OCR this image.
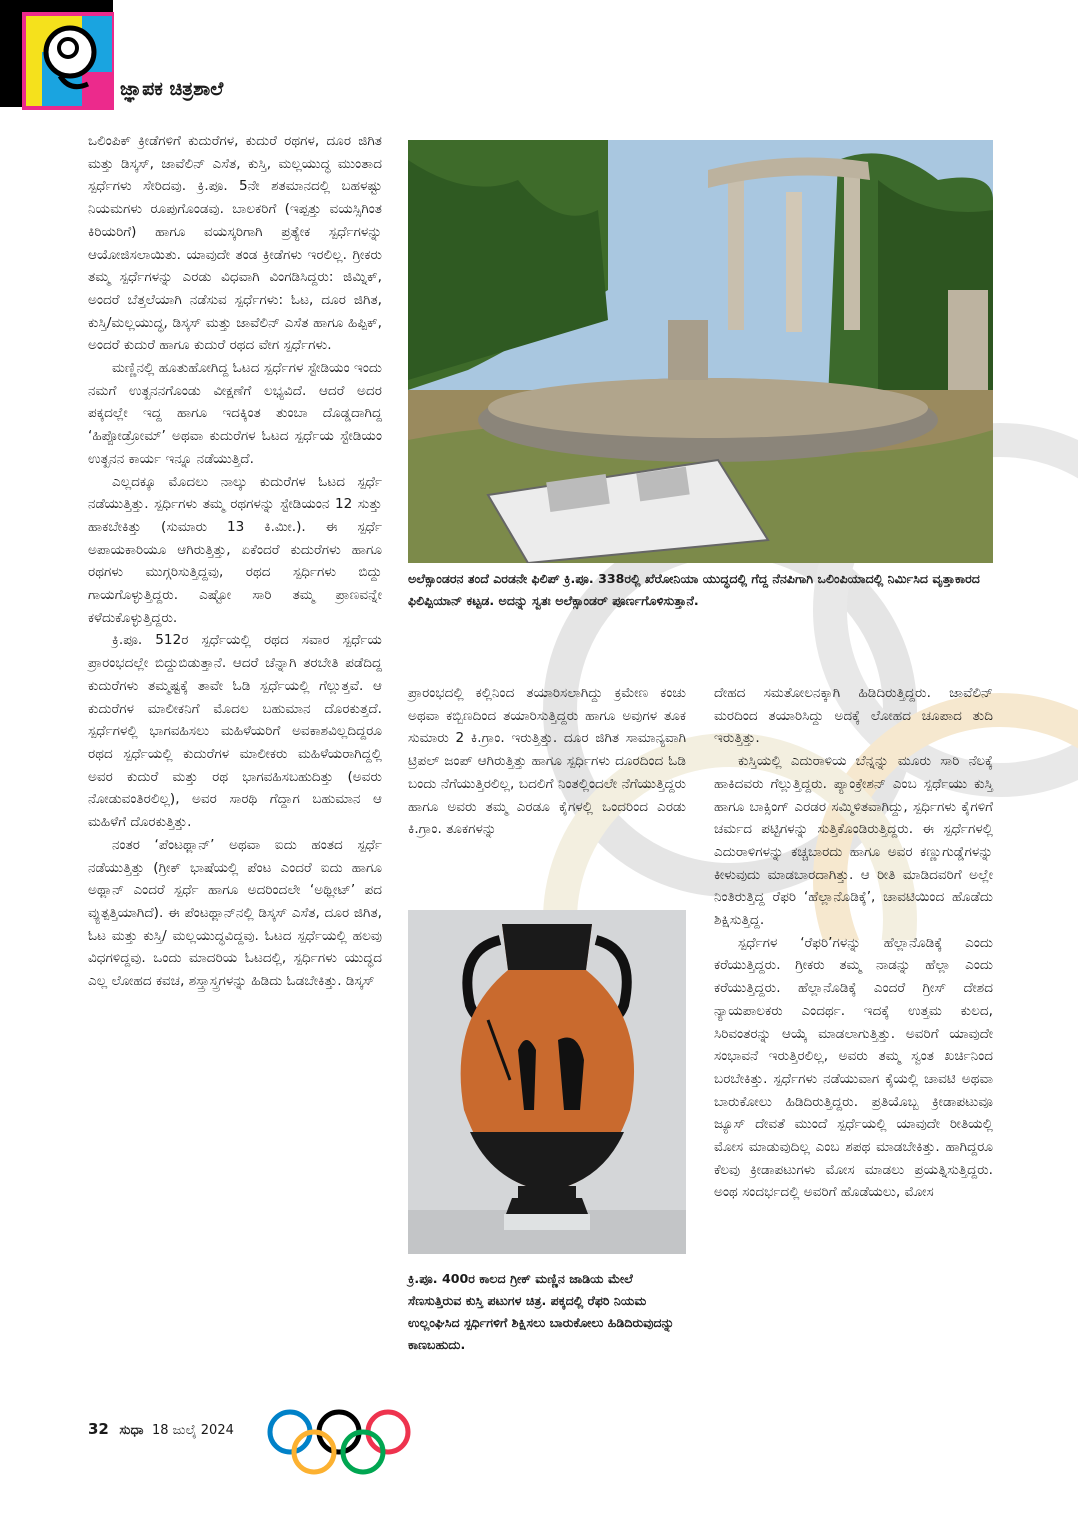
ಜ್ಞಾಪಕ ಚಿತ್ರಶಾಲೆ

ಒಲಿಂಪಿಕ್ ಕ್ರೀಡೆಗಳಿಗೆ ಕುದುರೆಗಳ, ಕುದುರೆ ರಥಗಳ, ದೂರ ಜಿಗಿತ ಮತ್ತು ಡಿಸ್ಕಸ್, ಜಾವೆಲಿನ್ ಎಸೆತ, ಕುಸ್ತಿ, ಮಲ್ಲಯುದ್ಧ ಮುಂತಾದ ಸ್ಪರ್ಧೆಗಳು ಸೇರಿದವು. ಕ್ರಿ.ಪೂ. 5ನೇ ಶತಮಾನದಲ್ಲಿ ಬಹಳಷ್ಟು ನಿಯಮಗಳು ರೂಪುಗೊಂಡವು. ಬಾಲಕರಿಗೆ (ಇಪ್ಪತ್ತು ವಯಸ್ಸಿಗಿಂತ ಕಿರಿಯರಿಗೆ) ಹಾಗೂ ವಯಸ್ಕರಿಗಾಗಿ ಪ್ರತ್ಯೇಕ ಸ್ಪರ್ಧೆಗಳನ್ನು ಆಯೋಜಿಸಲಾಯಿತು. ಯಾವುದೇ ತಂಡ ಕ್ರೀಡೆಗಳು ಇರಲಿಲ್ಲ. ಗ್ರೀಕರು ತಮ್ಮ ಸ್ಪರ್ಧೆಗಳನ್ನು ಎರಡು ವಿಧವಾಗಿ ವಿಂಗಡಿಸಿದ್ದರು: ಜಿಮ್ನಿಕ್, ಅಂದರೆ ಬೆತ್ತಲೆಯಾಗಿ ನಡೆಸುವ ಸ್ಪರ್ಧೆಗಳು: ಓಟ, ದೂರ ಜಿಗಿತ, ಕುಸ್ತಿ/ಮಲ್ಲಯುದ್ಧ, ಡಿಸ್ಕಸ್ ಮತ್ತು ಜಾವೆಲಿನ್ ಎಸೆತ ಹಾಗೂ ಹಿಪ್ಪಿಕ್, ಅಂದರೆ ಕುದುರೆ ಹಾಗೂ ಕುದುರೆ ರಥದ ವೇಗ ಸ್ಪರ್ಧೆಗಳು.

ಮಣ್ಣಿನಲ್ಲಿ ಹೂತುಹೋಗಿದ್ದ ಓಟದ ಸ್ಪರ್ಧೆಗಳ ಸ್ಟೇಡಿಯಂ ಇಂದು ನಮಗೆ ಉತ್ಖನನಗೊಂಡು ವೀಕ್ಷಣೆಗೆ ಲಭ್ಯವಿದೆ. ಆದರೆ ಅದರ ಪಕ್ಕದಲ್ಲೇ ಇದ್ದ ಹಾಗೂ ಇದಕ್ಕಿಂತ ತುಂಬಾ ದೊಡ್ಡದಾಗಿದ್ದ ‘ಹಿಪ್ಪೋಡ್ರೋಮ್’ ಅಥವಾ ಕುದುರೆಗಳ ಓಟದ ಸ್ಪರ್ಧೆಯ ಸ್ಟೇಡಿಯಂ ಉತ್ಖನನ ಕಾರ್ಯ ಇನ್ನೂ ನಡೆಯುತ್ತಿದೆ.

ಎಲ್ಲದಕ್ಕೂ ಮೊದಲು ನಾಲ್ಕು ಕುದುರೆಗಳ ಓಟದ ಸ್ಪರ್ಧೆ ನಡೆಯುತ್ತಿತ್ತು. ಸ್ಪರ್ಧಿಗಳು ತಮ್ಮ ರಥಗಳನ್ನು ಸ್ಟೇಡಿಯಂನ 12 ಸುತ್ತು ಹಾಕಬೇಕಿತ್ತು (ಸುಮಾರು 13 ಕಿ.ಮೀ.). ಈ ಸ್ಪರ್ಧೆ ಅಪಾಯಕಾರಿಯೂ ಆಗಿರುತ್ತಿತ್ತು, ಏಕೆಂದರೆ ಕುದುರೆಗಳು ಹಾಗೂ ರಥಗಳು ಮುಗ್ಗರಿಸುತ್ತಿದ್ದವು, ರಥದ ಸ್ಪರ್ಧಿಗಳು ಬಿದ್ದು ಗಾಯಗೊಳ್ಳುತ್ತಿದ್ದರು. ಎಷ್ಟೋ ಸಾರಿ ತಮ್ಮ ಪ್ರಾಣವನ್ನೇ ಕಳೆದುಕೊಳ್ಳುತ್ತಿದ್ದರು.

ಕ್ರಿ.ಪೂ. 512ರ ಸ್ಪರ್ಧೆಯಲ್ಲಿ ರಥದ ಸವಾರ ಸ್ಪರ್ಧೆಯ ಪ್ರಾರಂಭದಲ್ಲೇ ಬಿದ್ದುಬಿಡುತ್ತಾನೆ. ಆದರೆ ಚೆನ್ನಾಗಿ ತರಬೇತಿ ಪಡೆದಿದ್ದ ಕುದುರೆಗಳು ತಮ್ಮಷ್ಟಕ್ಕೆ ತಾವೇ ಓಡಿ ಸ್ಪರ್ಧೆಯಲ್ಲಿ ಗೆಲ್ಲುತ್ತವೆ. ಆ ಕುದುರೆಗಳ ಮಾಲೀಕನಿಗೆ ಮೊದಲ ಬಹುಮಾನ ದೊರಕುತ್ತದೆ. ಸ್ಪರ್ಧೆಗಳಲ್ಲಿ ಭಾಗವಹಿಸಲು ಮಹಿಳೆಯರಿಗೆ ಅವಕಾಶವಿಲ್ಲದಿದ್ದರೂ ರಥದ ಸ್ಪರ್ಧೆಯಲ್ಲಿ ಕುದುರೆಗಳ ಮಾಲೀಕರು ಮಹಿಳೆಯರಾಗಿದ್ದಲ್ಲಿ ಅವರ ಕುದುರೆ ಮತ್ತು ರಥ ಭಾಗವಹಿಸಬಹುದಿತ್ತು (ಅವರು ನೋಡುವಂತಿರಲಿಲ್ಲ), ಅವರ ಸಾರಥಿ ಗೆದ್ದಾಗ ಬಹುಮಾನ ಆ ಮಹಿಳೆಗೆ ದೊರಕುತ್ತಿತ್ತು.

ನಂತರ ‘ಪೆಂಟಥ್ಲಾನ್’ ಅಥವಾ ಐದು ಹಂತದ ಸ್ಪರ್ಧೆ ನಡೆಯುತ್ತಿತ್ತು (ಗ್ರೀಕ್ ಭಾಷೆಯಲ್ಲಿ ಪೆಂಟ ಎಂದರೆ ಐದು ಹಾಗೂ ಅಥ್ಲಾನ್ ಎಂದರೆ ಸ್ಪರ್ಧೆ ಹಾಗೂ ಅದರಿಂದಲೇ ‘ಅಥ್ಲೀಟ್’ ಪದ ವ್ಯುತ್ಪತ್ತಿಯಾಗಿದೆ). ಈ ಪೆಂಟಥ್ಲಾನ್‌ನಲ್ಲಿ ಡಿಸ್ಕಸ್ ಎಸೆತ, ದೂರ ಜಿಗಿತ, ಓಟ ಮತ್ತು ಕುಸ್ತಿ/ ಮಲ್ಲಯುದ್ಧವಿದ್ದವು. ಓಟದ ಸ್ಪರ್ಧೆಯಲ್ಲಿ ಹಲವು ವಿಧಗಳಿದ್ದವು. ಒಂದು ಮಾದರಿಯ ಓಟದಲ್ಲಿ, ಸ್ಪರ್ಧಿಗಳು ಯುದ್ಧದ ಎಲ್ಲ ಲೋಹದ ಕವಚ, ಶಸ್ತ್ರಾಸ್ತ್ರಗಳನ್ನು ಹಿಡಿದು ಓಡಬೇಕಿತ್ತು. ಡಿಸ್ಕಸ್

ಅಲೆಕ್ಸಾಂಡರನ ತಂದೆ ಎರಡನೇ ಫಿಲಿಪ್ ಕ್ರಿ.ಪೂ. 338ರಲ್ಲಿ ಖೆರೋನಿಯಾ ಯುದ್ಧದಲ್ಲಿ ಗೆದ್ದ ನೆನಪಿಗಾಗಿ ಒಲಿಂಪಿಯಾದಲ್ಲಿ ನಿರ್ಮಿಸಿದ ವೃತ್ತಾಕಾರದ ಫಿಲಿಪ್ಪಿಯಾನ್ ಕಟ್ಟಡ. ಅದನ್ನು ಸ್ವತಃ ಅಲೆಕ್ಸಾಂಡರ್ ಪೂರ್ಣಗೊಳಿಸುತ್ತಾನೆ.

ಪ್ರಾರಂಭದಲ್ಲಿ ಕಲ್ಲಿನಿಂದ ತಯಾರಿಸಲಾಗಿದ್ದು ಕ್ರಮೇಣ ಕಂಚು ಅಥವಾ ಕಬ್ಬಿಣದಿಂದ ತಯಾರಿಸುತ್ತಿದ್ದರು ಹಾಗೂ ಅವುಗಳ ತೂಕ ಸುಮಾರು 2 ಕಿ.ಗ್ರಾಂ. ಇರುತ್ತಿತ್ತು. ದೂರ ಜಿಗಿತ ಸಾಮಾನ್ಯವಾಗಿ ಟ್ರಿಪಲ್ ಜಂಪ್ ಆಗಿರುತ್ತಿತ್ತು ಹಾಗೂ ಸ್ಪರ್ಧಿಗಳು ದೂರದಿಂದ ಓಡಿ ಬಂದು ನೆಗೆಯುತ್ತಿರಲಿಲ್ಲ, ಬದಲಿಗೆ ನಿಂತಲ್ಲಿಂದಲೇ ನೆಗೆಯುತ್ತಿದ್ದರು ಹಾಗೂ ಅವರು ತಮ್ಮ ಎರಡೂ ಕೈಗಳಲ್ಲಿ ಒಂದರಿಂದ ಎರಡು ಕಿ.ಗ್ರಾಂ. ತೂಕಗಳನ್ನು

ಕ್ರಿ.ಪೂ. 400ರ ಕಾಲದ ಗ್ರೀಕ್ ಮಣ್ಣಿನ ಜಾಡಿಯ ಮೇಲೆ ಸೆಣಸುತ್ತಿರುವ ಕುಸ್ತಿ ಪಟುಗಳ ಚಿತ್ರ. ಪಕ್ಕದಲ್ಲಿ ರೆಫರಿ ನಿಯಮ ಉಲ್ಲಂಘಿಸಿದ ಸ್ಪರ್ಧಿಗಳಿಗೆ ಶಿಕ್ಷಿಸಲು ಬಾರುಕೋಲು ಹಿಡಿದಿರುವುದನ್ನು ಕಾಣಬಹುದು.

ದೇಹದ ಸಮತೋಲನಕ್ಕಾಗಿ ಹಿಡಿದಿರುತ್ತಿದ್ದರು. ಜಾವೆಲಿನ್ ಮರದಿಂದ ತಯಾರಿಸಿದ್ದು ಅದಕ್ಕೆ ಲೋಹದ ಚೂಪಾದ ತುದಿ ಇರುತ್ತಿತ್ತು.

ಕುಸ್ತಿಯಲ್ಲಿ ಎದುರಾಳಿಯ ಬೆನ್ನನ್ನು ಮೂರು ಸಾರಿ ನೆಲಕ್ಕೆ ಹಾಕಿದವರು ಗೆಲ್ಲುತ್ತಿದ್ದರು. ಪ್ಯಾಂಕ್ರೇಶನ್ ಎಂಬ ಸ್ಪರ್ಧೆಯು ಕುಸ್ತಿ ಹಾಗೂ ಬಾಕ್ಸಿಂಗ್ ಎರಡರ ಸಮ್ಮಿಳಿತವಾಗಿದ್ದು, ಸ್ಪರ್ಧಿಗಳು ಕೈಗಳಿಗೆ ಚರ್ಮದ ಪಟ್ಟಿಗಳನ್ನು ಸುತ್ತಿಕೊಂಡಿರುತ್ತಿದ್ದರು. ಈ ಸ್ಪರ್ಧೆಗಳಲ್ಲಿ ಎದುರಾಳಿಗಳನ್ನು ಕಚ್ಚಬಾರದು ಹಾಗೂ ಅವರ ಕಣ್ಣುಗುಡ್ಡೆಗಳನ್ನು ಕೀಳುವುದು ಮಾಡಬಾರದಾಗಿತ್ತು. ಆ ರೀತಿ ಮಾಡಿದವರಿಗೆ ಅಲ್ಲೇ ನಿಂತಿರುತ್ತಿದ್ದ ರೆಫರಿ ‘ಹೆಲ್ಲಾನೊಡಿಕ್ಕೆ’, ಚಾವಟಿಯಿಂದ ಹೊಡೆದು ಶಿಕ್ಷಿಸುತ್ತಿದ್ದ.

ಸ್ಪರ್ಧೆಗಳ ‘ರೆಫರಿ’ಗಳನ್ನು ಹೆಲ್ಲಾನೊಡಿಕ್ಕೆ ಎಂದು ಕರೆಯುತ್ತಿದ್ದರು. ಗ್ರೀಕರು ತಮ್ಮ ನಾಡನ್ನು ಹೆಲ್ಲಾ ಎಂದು ಕರೆಯುತ್ತಿದ್ದರು. ಹೆಲ್ಲಾನೊಡಿಕ್ಕೆ ಎಂದರೆ ಗ್ರೀಸ್ ದೇಶದ ನ್ಯಾಯಪಾಲಕರು ಎಂದರ್ಥ. ಇದಕ್ಕೆ ಉತ್ತಮ ಕುಲದ, ಸಿರಿವಂತರನ್ನು ಆಯ್ಕೆ ಮಾಡಲಾಗುತ್ತಿತ್ತು. ಅವರಿಗೆ ಯಾವುದೇ ಸಂಭಾವನೆ ಇರುತ್ತಿರಲಿಲ್ಲ, ಅವರು ತಮ್ಮ ಸ್ವಂತ ಖರ್ಚಿನಿಂದ ಬರಬೇಕಿತ್ತು. ಸ್ಪರ್ಧೆಗಳು ನಡೆಯುವಾಗ ಕೈಯಲ್ಲಿ ಚಾವಟಿ ಅಥವಾ ಬಾರುಕೋಲು ಹಿಡಿದಿರುತ್ತಿದ್ದರು. ಪ್ರತಿಯೊಬ್ಬ ಕ್ರೀಡಾಪಟುವೂ ಜ್ಯೂಸ್ ದೇವತೆ ಮುಂದೆ ಸ್ಪರ್ಧೆಯಲ್ಲಿ ಯಾವುದೇ ರೀತಿಯಲ್ಲಿ ಮೋಸ ಮಾಡುವುದಿಲ್ಲ ಎಂಬ ಶಪಥ ಮಾಡಬೇಕಿತ್ತು. ಹಾಗಿದ್ದರೂ ಕೆಲವು ಕ್ರೀಡಾಪಟುಗಳು ಮೋಸ ಮಾಡಲು ಪ್ರಯತ್ನಿಸುತ್ತಿದ್ದರು. ಅಂಥ ಸಂದರ್ಭದಲ್ಲಿ ಅವರಿಗೆ ಹೊಡೆಯಲು, ಮೋಸ

32 ಸುಧಾ 18 ಜುಲೈ 2024
